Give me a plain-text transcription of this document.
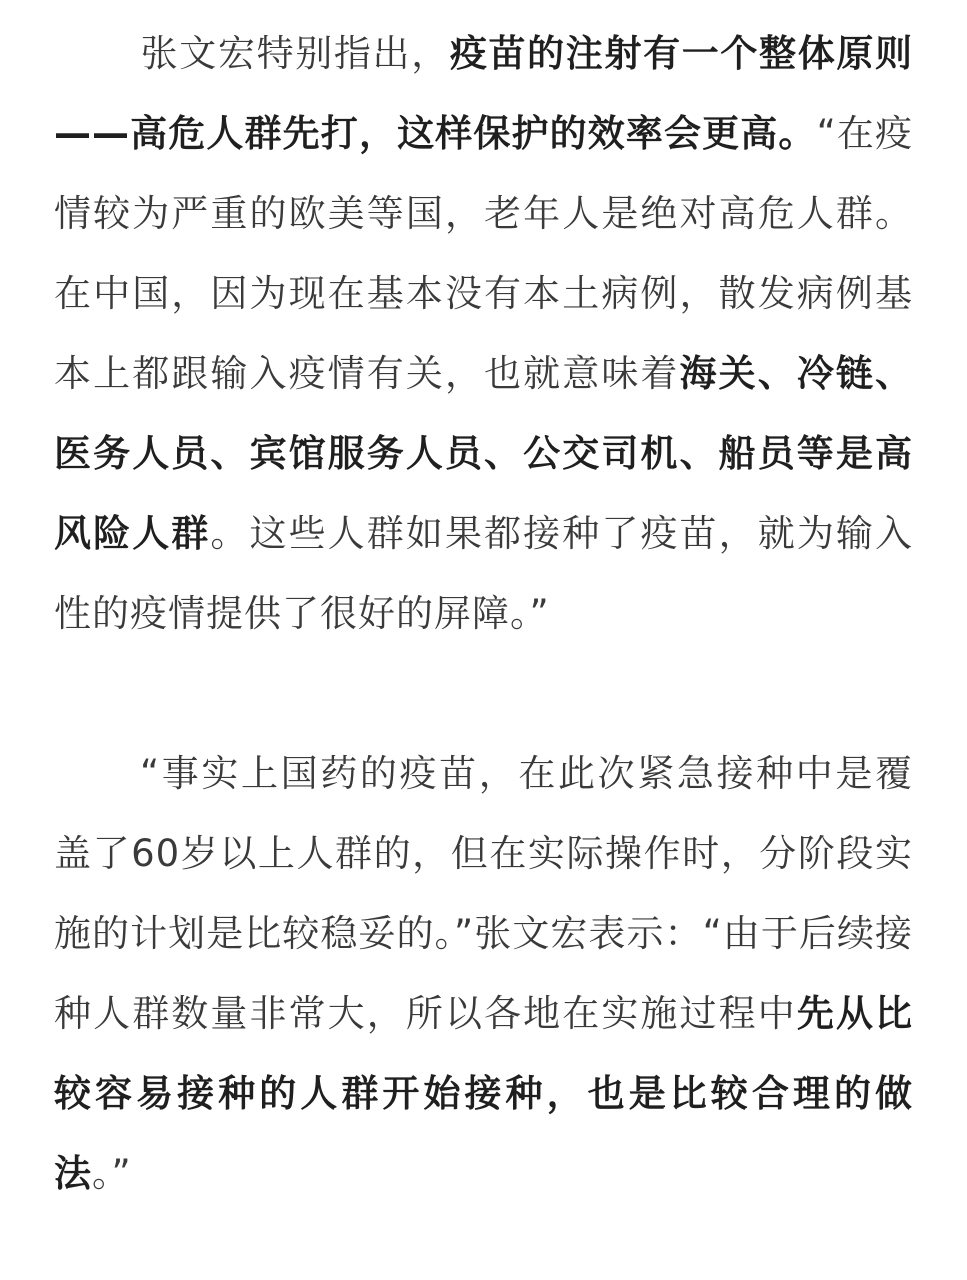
张文宏特别指出，疫苗的注射有一个整体原则——高危人群先打，这样保护的效率会更高。“在疫情较为严重的欧美等国，老年人是绝对高危人群。在中国，因为现在基本没有本土病例，散发病例基本上都跟输入疫情有关，也就意味着海关、冷链、医务人员、宾馆服务人员、公交司机、船员等是高风险人群。这些人群如果都接种了疫苗，就为输入性的疫情提供了很好的屏障。”

“事实上国药的疫苗，在此次紧急接种中是覆盖了60岁以上人群的，但在实际操作时，分阶段实施的计划是比较稳妥的。”张文宏表示：“由于后续接种人群数量非常大，所以各地在实施过程中先从比较容易接种的人群开始接种，也是比较合理的做法。”
